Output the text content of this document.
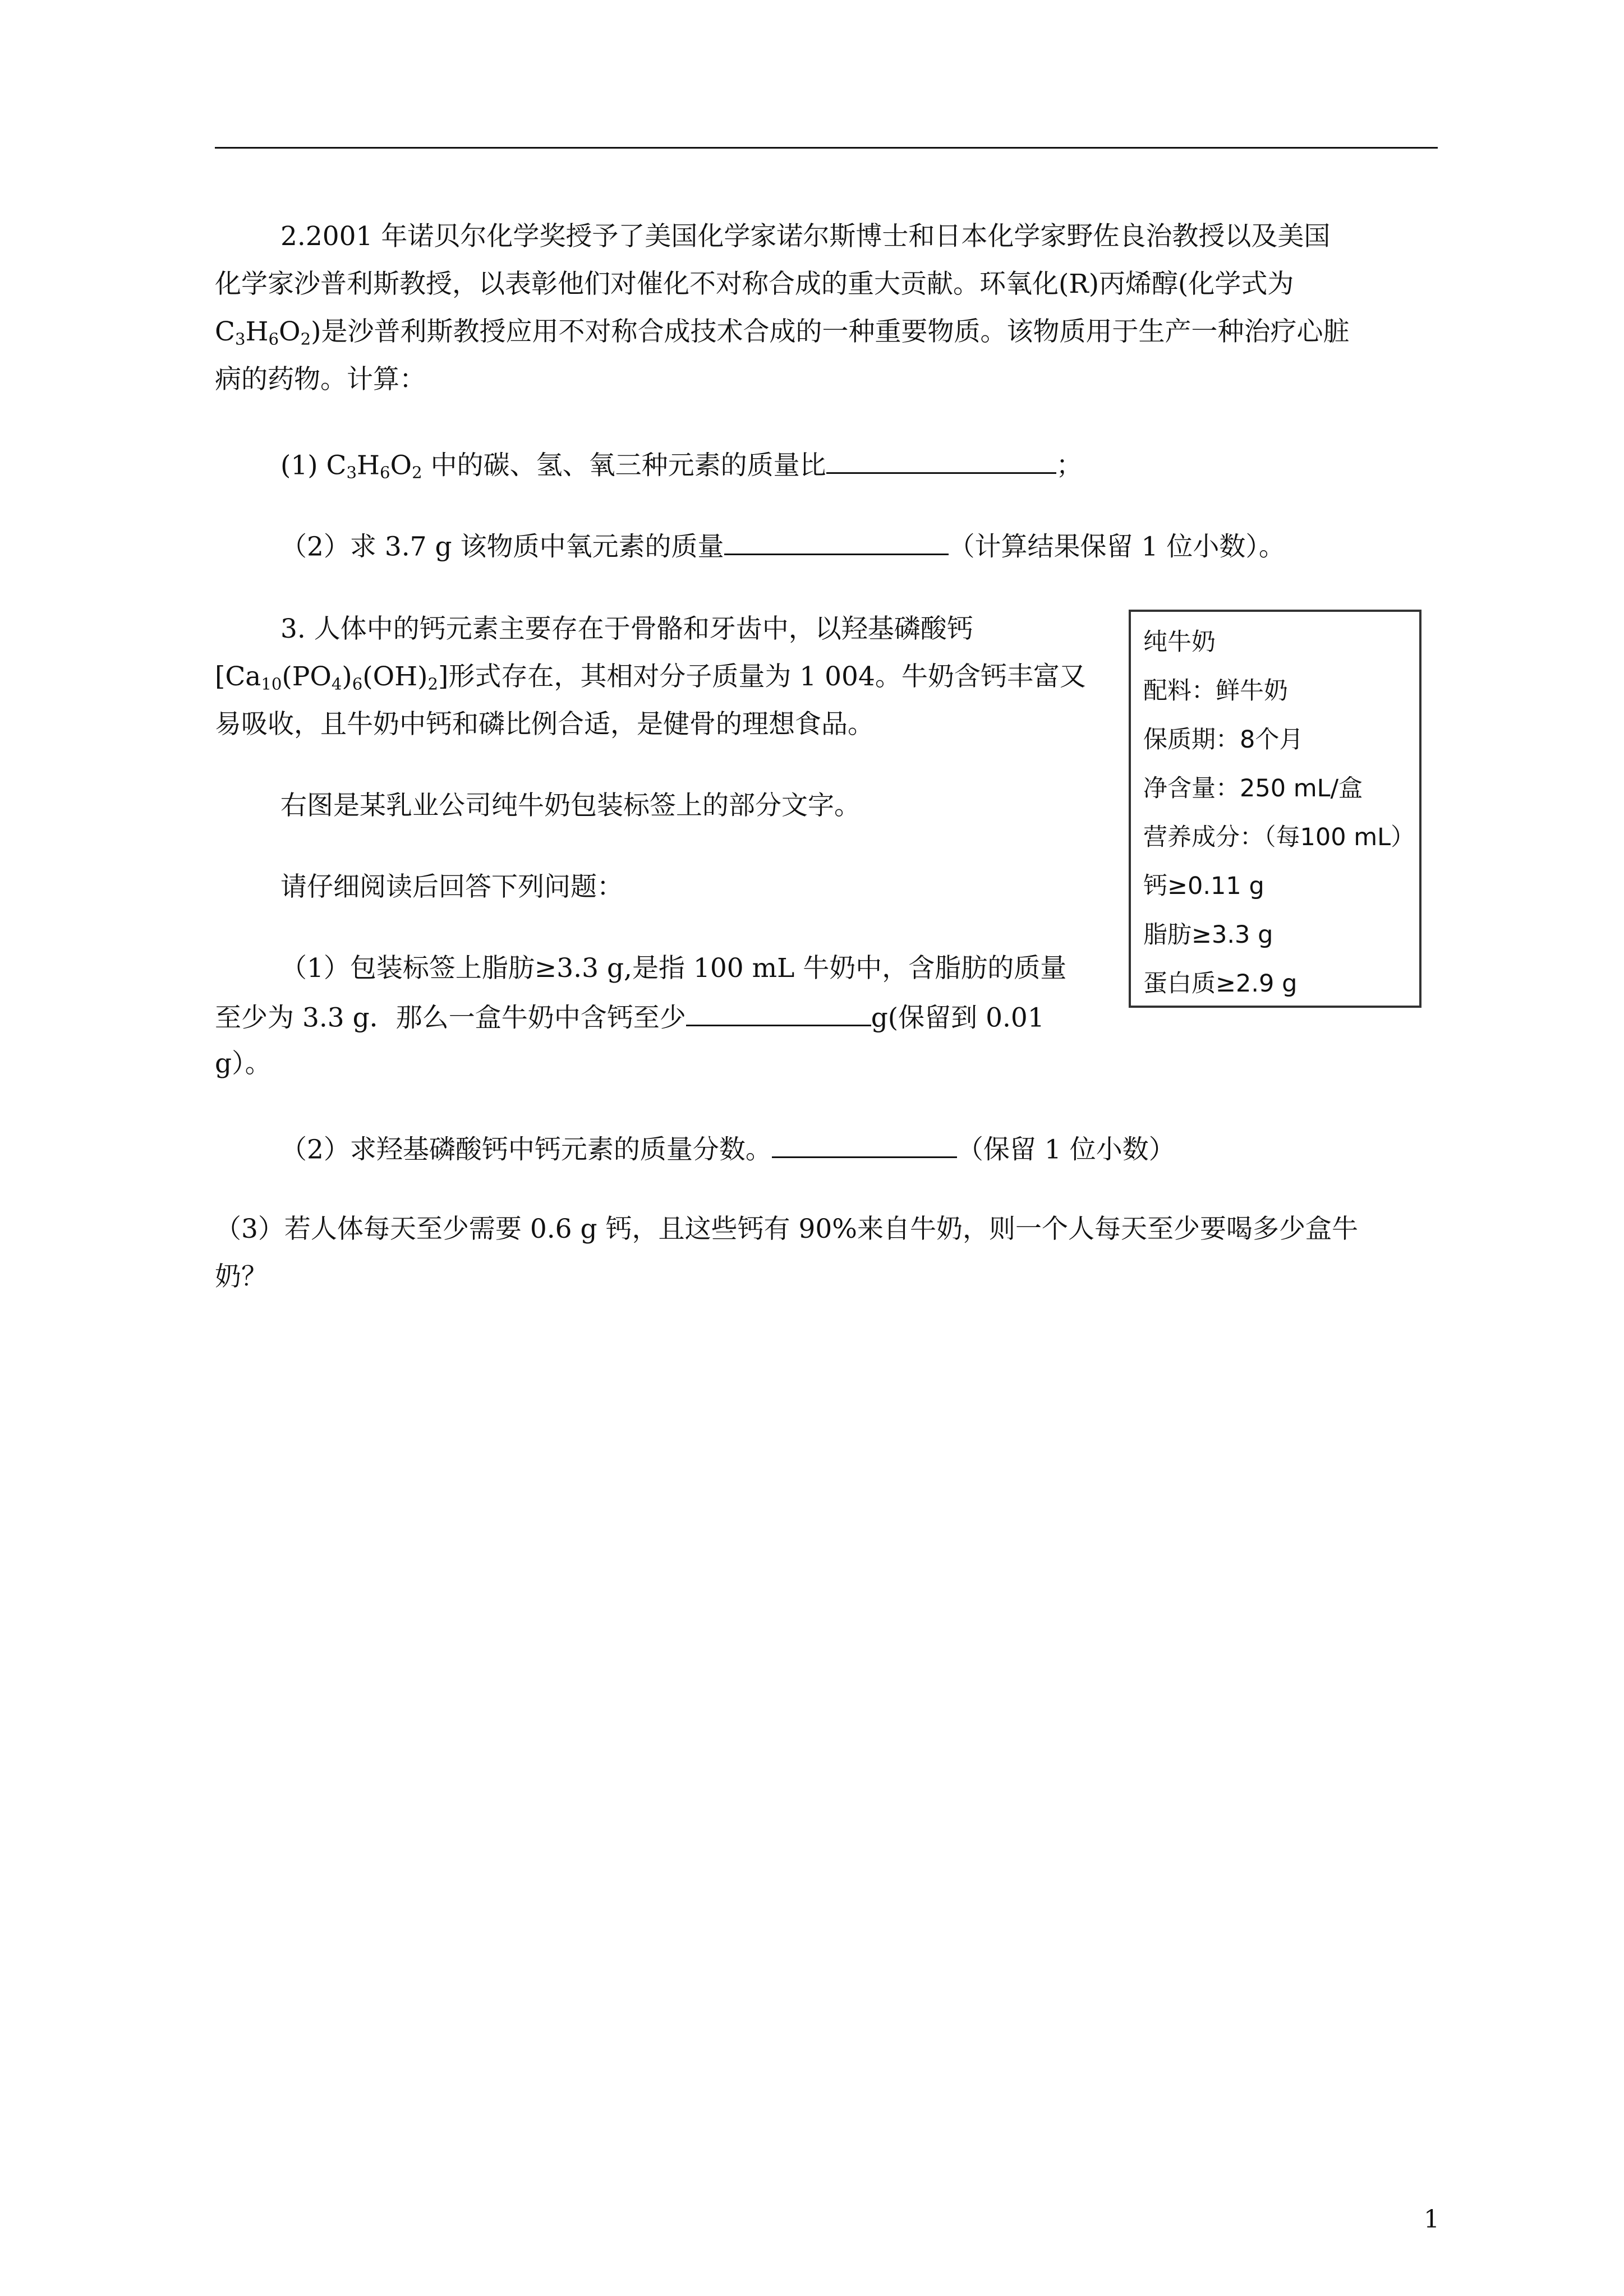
2.2001 年诺贝尔化学奖授予了美国化学家诺尔斯博士和日本化学家野佐良治教授以及美国
化学家沙普利斯教授，以表彰他们对催化不对称合成的重大贡献。环氧化(R)丙烯醇(化学式为
$C_3H_6O_2$)是沙普利斯教授应用不对称合成技术合成的一种重要物质。该物质用于生产一种治疗心脏
病的药物。计算：
(1) $C_3H_6O_2$ 中的碳、氢、氧三种元素的质量比	；
（2）求 3.7 g 该物质中氧元素的质量	（计算结果保留 1 位小数）。
3. 人体中的钙元素主要存在于骨骼和牙齿中，以羟基磷酸钙
$[Ca_{10}(PO_4)_6(OH)_2]$形式存在，其相对分子质量为 1 004。牛奶含钙丰富又
易吸收，且牛奶中钙和磷比例合适，是健骨的理想食品。
右图是某乳业公司纯牛奶包装标签上的部分文字。
请仔细阅读后回答下列问题：
（1）包装标签上脂肪≥3.3 g,是指 100 mL 牛奶中，含脂肪的质量
至少为 3.3 g．那么一盒牛奶中含钙至少	g(保留到 0.01
g）。
（2）求羟基磷酸钙中钙元素的质量分数。	（保留 1 位小数）
（3）若人体每天至少需要 0.6 g 钙，且这些钙有 90%来自牛奶，则一个人每天至少要喝多少盒牛
奶？
纯牛奶
配料：鲜牛奶
保质期：8个月
净含量：250 mL/盒
营养成分：（每100 mL）
钙≥0.11 g
脂肪≥3.3 g
蛋白质≥2.9 g
1
